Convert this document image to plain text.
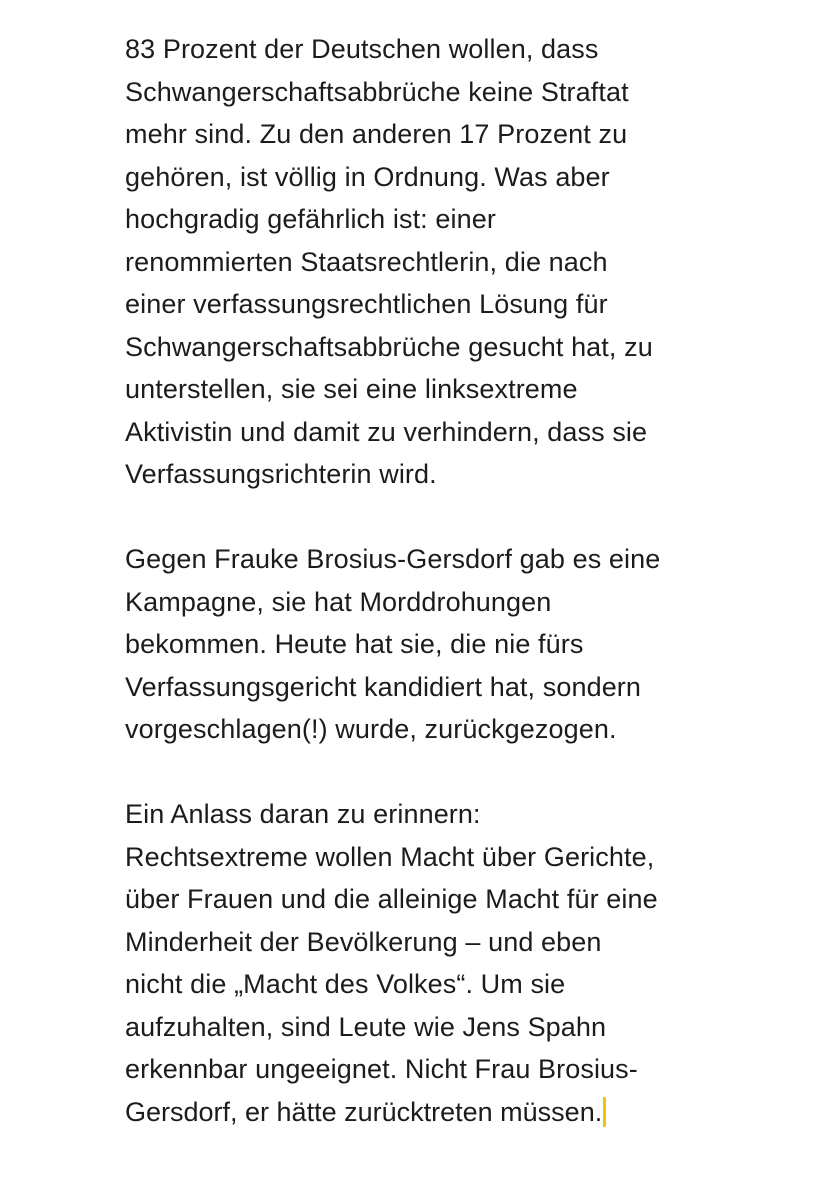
83 Prozent der Deutschen wollen, dass
Schwangerschaftsabbrüche keine Straftat
mehr sind. Zu den anderen 17 Prozent zu
gehören, ist völlig in Ordnung. Was aber
hochgradig gefährlich ist: einer
renommierten Staatsrechtlerin, die nach
einer verfassungsrechtlichen Lösung für
Schwangerschaftsabbrüche gesucht hat, zu
unterstellen, sie sei eine linksextreme
Aktivistin und damit zu verhindern, dass sie
Verfassungsrichterin wird.
Gegen Frauke Brosius-Gersdorf gab es eine
Kampagne, sie hat Morddrohungen
bekommen. Heute hat sie, die nie fürs
Verfassungsgericht kandidiert hat, sondern
vorgeschlagen(!) wurde, zurückgezogen.
Ein Anlass daran zu erinnern:
Rechtsextreme wollen Macht über Gerichte,
über Frauen und die alleinige Macht für eine
Minderheit der Bevölkerung – und eben
nicht die „Macht des Volkes“. Um sie
aufzuhalten, sind Leute wie Jens Spahn
erkennbar ungeeignet. Nicht Frau Brosius-
Gersdorf, er hätte zurücktreten müssen.
